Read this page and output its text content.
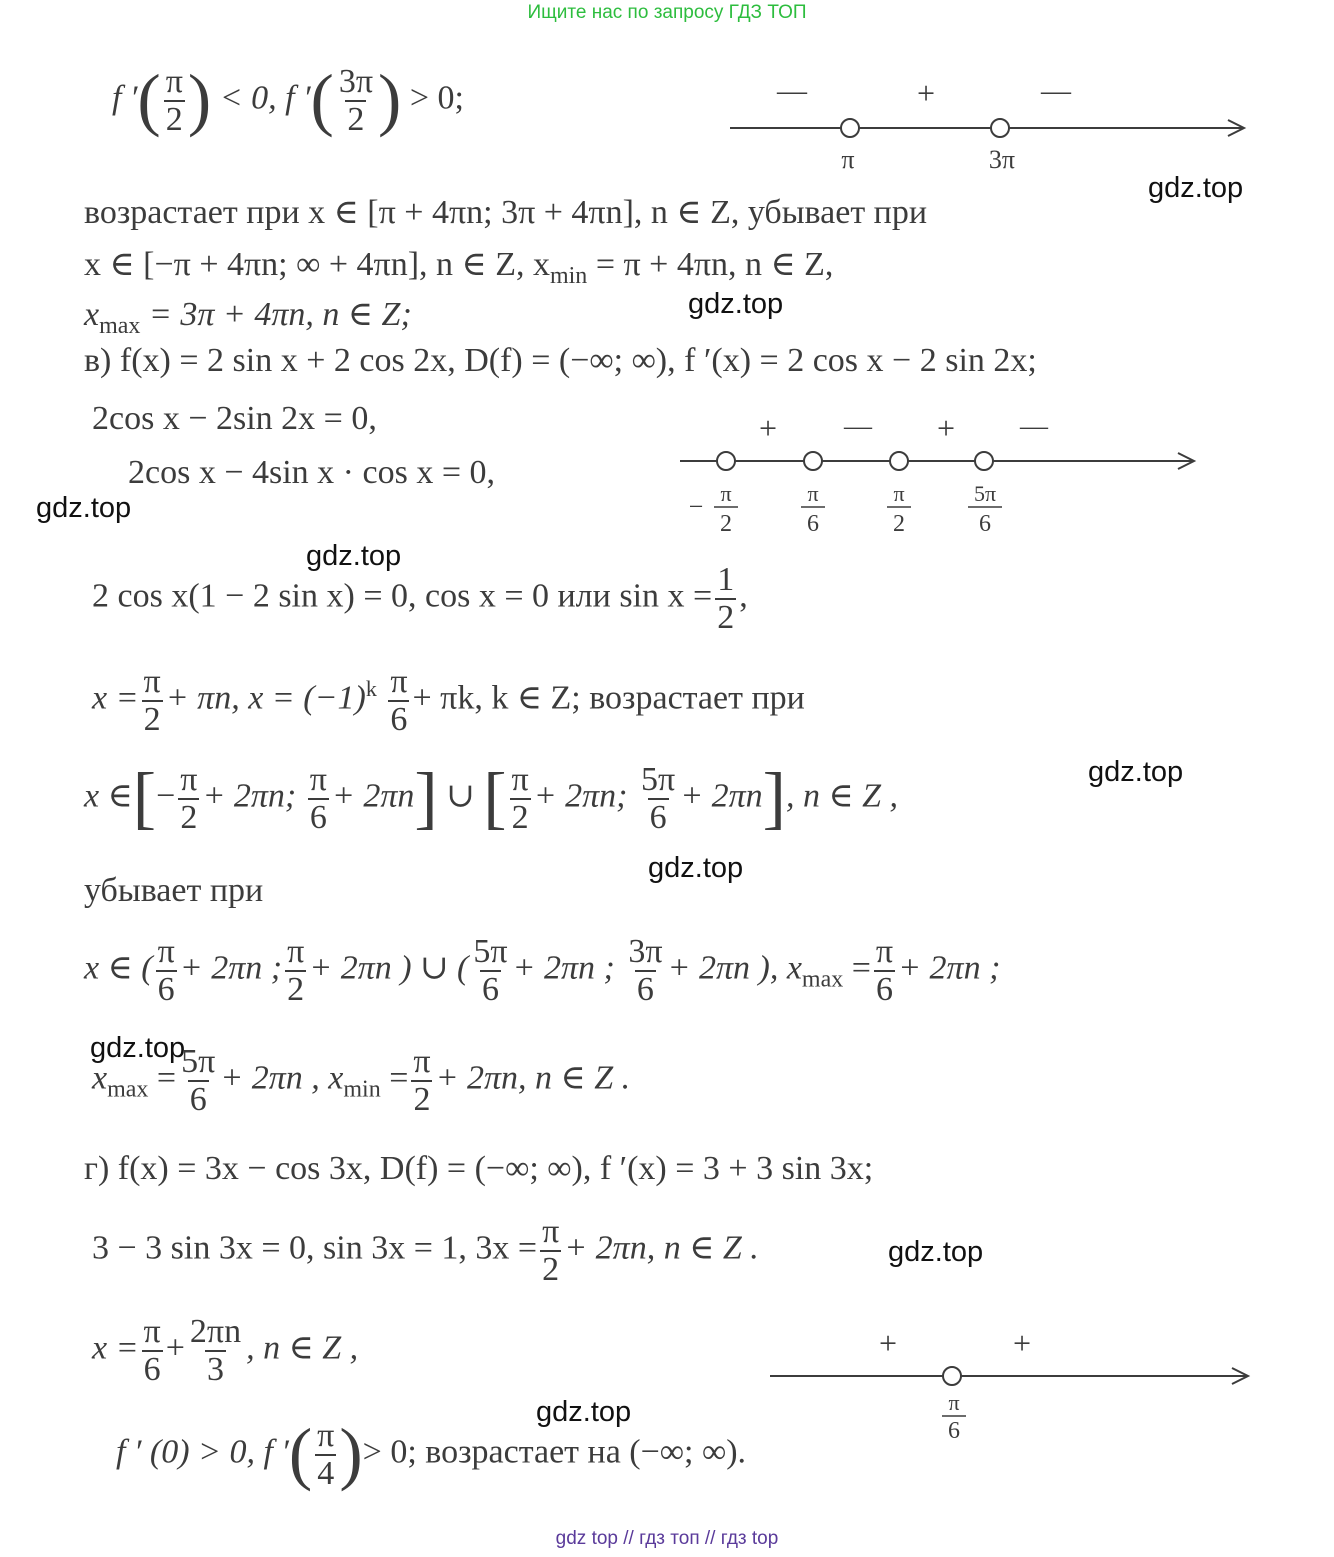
Ищите нас по запросу ГДЗ ТОП
f ′( $\frac{\pi}{2}$ ) < 0, f ′( $\frac{3\pi}{2}$ ) > 0;	—	+	—
π	3π
gdz.top
возрастает при x ∈ [π + 4πn; 3π + 4πn], n ∈ Z, убывает при
x ∈ [−π + 4πn; ∞ + 4πn], n ∈ Z, $x_{min} = \pi + 4\pi n$, n ∈ Z,
gdz.top
$x_{max} = 3\pi + 4\pi n$, n ∈ Z;
в) f(x) = 2 sin x + 2 cos 2x, D(f) = (−∞; ∞), f ′(x) = 2 cos x − 2 sin 2x;
2cos x − 2sin 2x = 0,
2cos x − 4sin x · cos x = 0,
+ — + —
− π
2
π
6
π
2
5π
6
gdz.top
gdz.top
2 cos x(1 − 2 sin x) = 0, cos x = 0 или $\sin x = \frac{1}{2}$ ,
$x = \frac{\pi}{2} + \pi n$, $x = (-1)^k \frac{\pi}{6} + \pi k$, k ∈ Z; возрастает при
x ∈[− $\frac{\pi}{2} + 2\pi n$; $\frac{\pi}{6} + 2\pi n$] ∪ [ $\frac{\pi}{2} + 2\pi n$; $\frac{5\pi}{6} + 2\pi n$], n ∈ Z ,
gdz.top
gdz.top
убывает при
x ∈ ( $\frac{\pi}{6} + 2\pi n$ ; $\frac{\pi}{2} + 2\pi n$ ) ∪ ( $\frac{5\pi}{6} + 2\pi n$ ; $\frac{3\pi}{6} + 2\pi n$ ), $x_{max} = \frac{\pi}{6} + 2\pi n$ ;
gdz.top
$x_{max} = \frac{5\pi}{6} + 2\pi n$ , $x_{min} = \frac{\pi}{2} + 2\pi n$, n ∈ Z .
г) f(x) = 3x − cos 3x, D(f) = (−∞; ∞), f ′(x) = 3 + 3 sin 3x;
3 − 3 sin 3x = 0, sin 3x = 1, $3x = \frac{\pi}{2} + 2\pi n$, n ∈ Z .	gdz.top
$x = \frac{\pi}{6} + \frac{2\pi n}{3}$ , n ∈ Z ,	+	+
π
6
gdz.top
f ′ (0) > 0, f ′( $\frac{\pi}{4}$ )> 0; возрастает на (−∞; ∞).
gdz top // гдз топ // гдз top
